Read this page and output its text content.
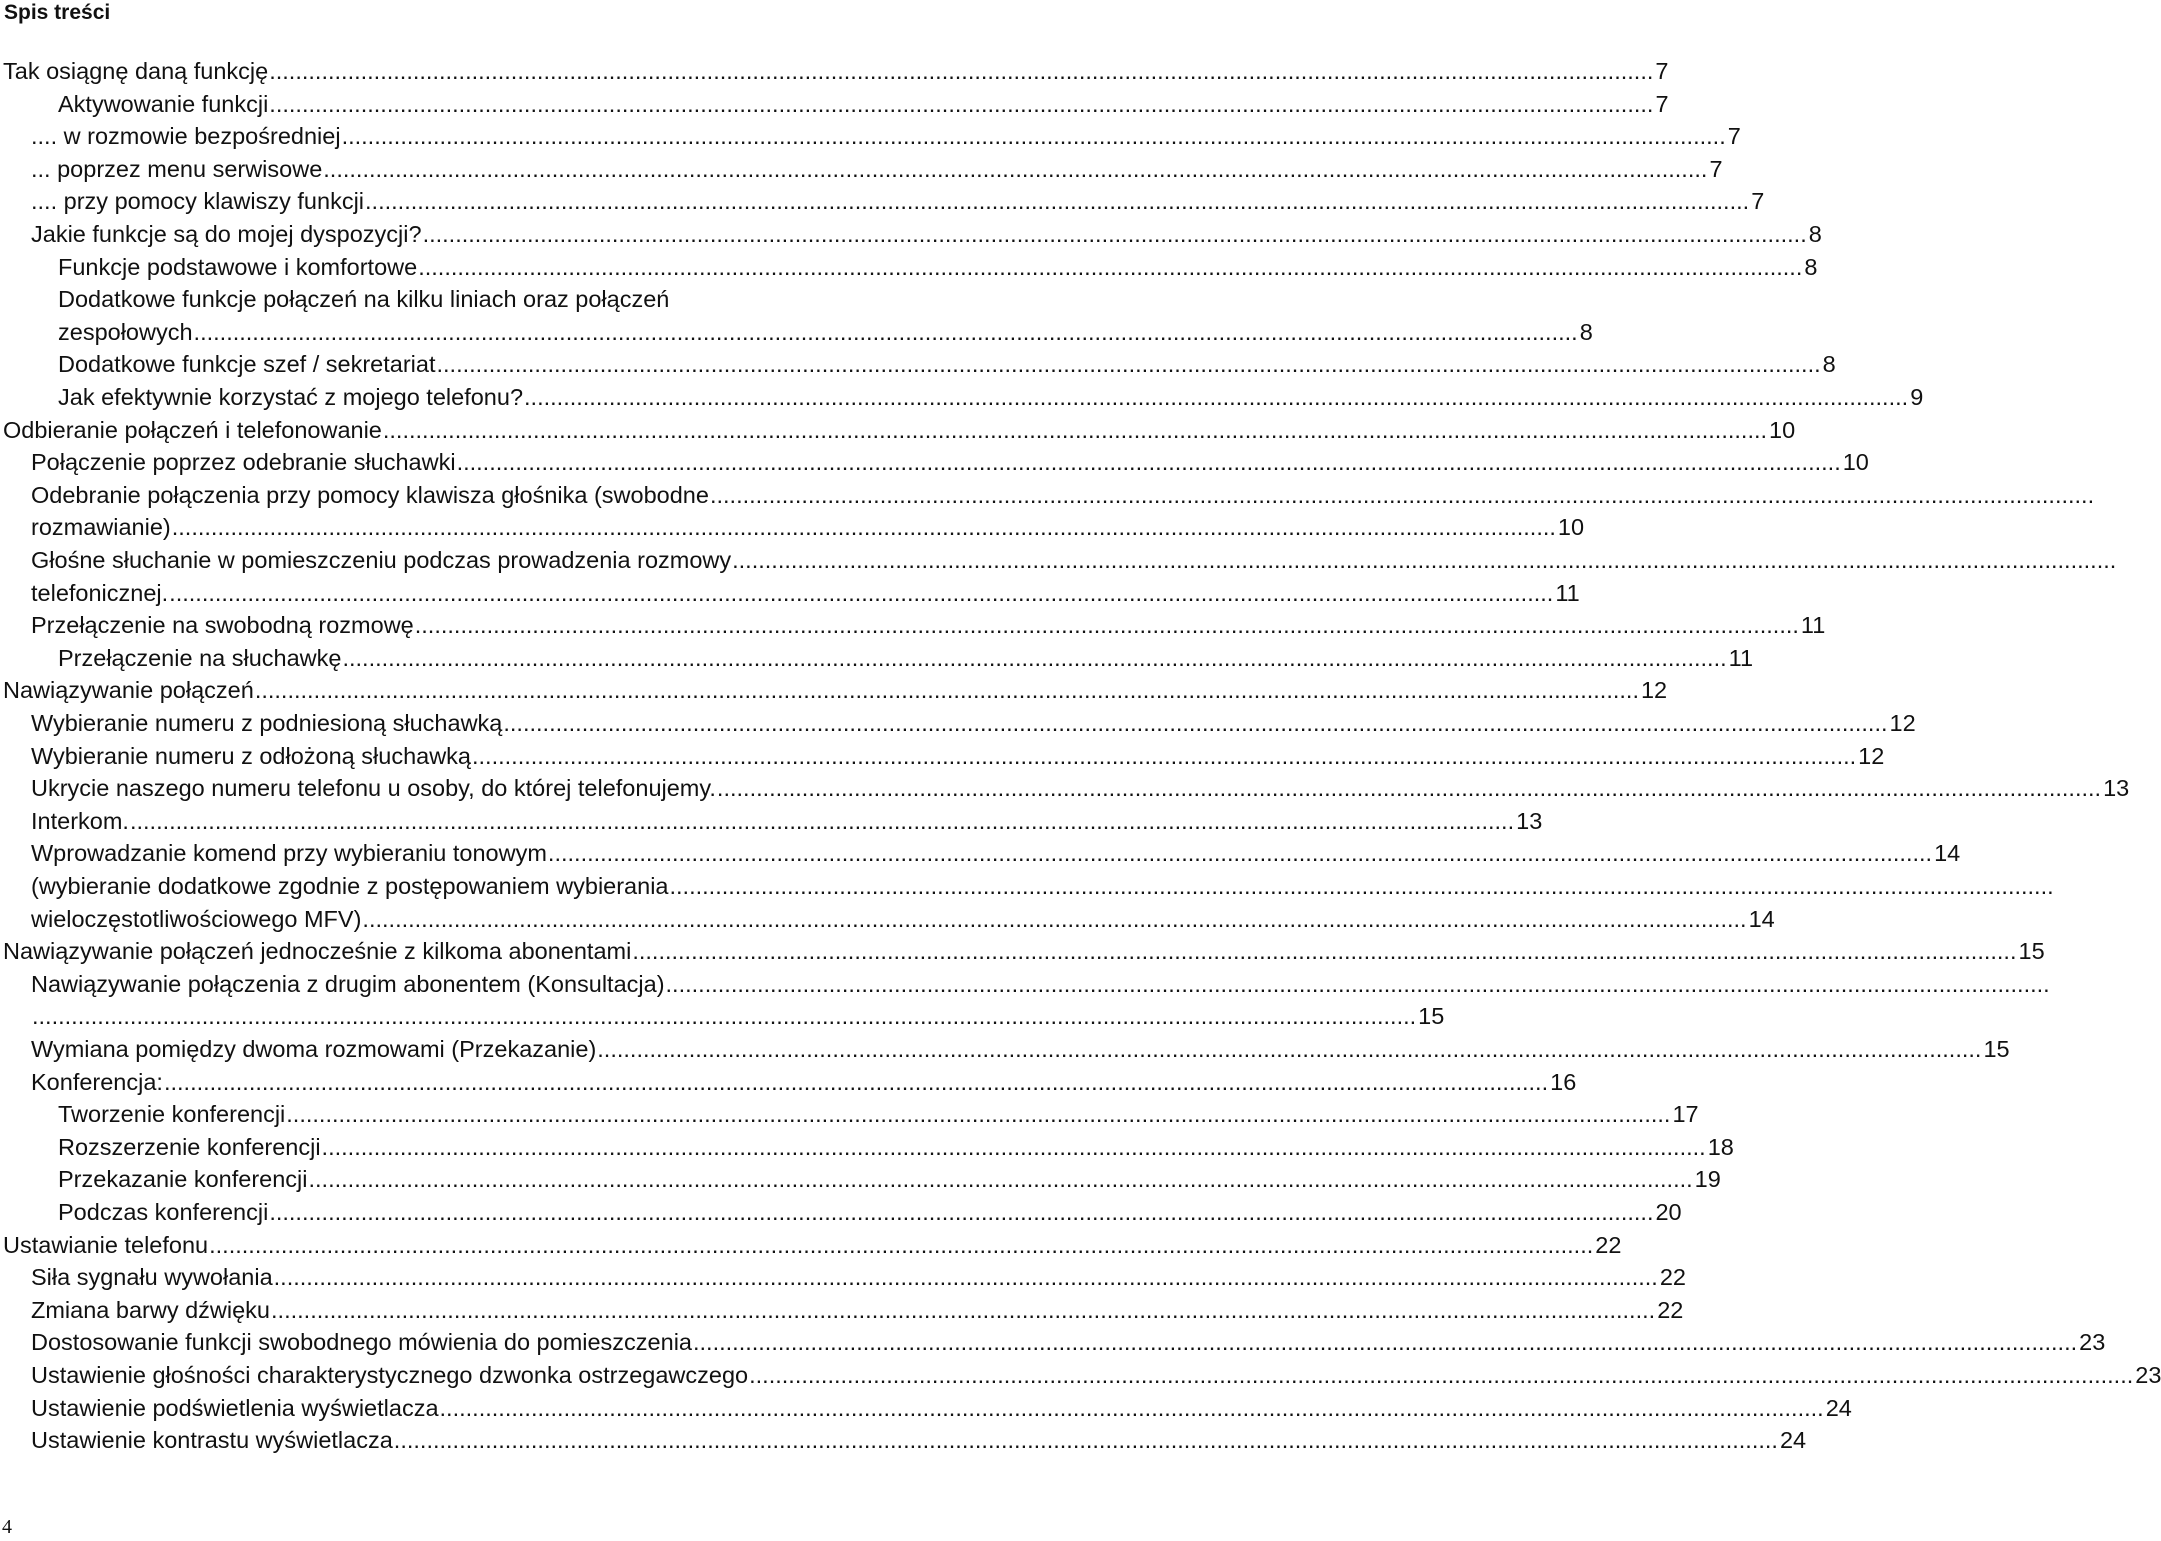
Spis treści
Tak osiągnę daną funkcję .................................................................................................................................................................................................................... 7
Aktywowanie funkcji .................................................................................................................................................................................................................... 7
.... w rozmowie bezpośredniej .................................................................................................................................................................................................................... 7
... poprzez menu serwisowe .................................................................................................................................................................................................................... 7
.... przy pomocy klawiszy funkcji .................................................................................................................................................................................................................... 7
Jakie funkcje są do mojej dyspozycji? .................................................................................................................................................................................................................... 8
Funkcje podstawowe i komfortowe .................................................................................................................................................................................................................... 8
Dodatkowe funkcje połączeń na kilku liniach oraz połączeń
zespołowych .................................................................................................................................................................................................................... 8
Dodatkowe funkcje szef / sekretariat .................................................................................................................................................................................................................... 8
Jak efektywnie korzystać z mojego telefonu? .................................................................................................................................................................................................................... 9
Odbieranie połączeń i telefonowanie .................................................................................................................................................................................................................... 10
Połączenie poprzez odebranie słuchawki .................................................................................................................................................................................................................... 10
Odebranie połączenia przy pomocy klawisza głośnika (swobodne ....................................................................................................................................................................................................................
rozmawianie) .................................................................................................................................................................................................................... 10
Głośne słuchanie w pomieszczeniu podczas prowadzenia rozmowy ....................................................................................................................................................................................................................
telefonicznej. .................................................................................................................................................................................................................... 11
Przełączenie na swobodną rozmowę .................................................................................................................................................................................................................... 11
Przełączenie na słuchawkę .................................................................................................................................................................................................................... 11
Nawiązywanie połączeń .................................................................................................................................................................................................................... 12
Wybieranie numeru z podniesioną słuchawką .................................................................................................................................................................................................................... 12
Wybieranie numeru z odłożoną słuchawką .................................................................................................................................................................................................................... 12
Ukrycie naszego numeru telefonu u osoby, do której telefonujemy. .................................................................................................................................................................................................................... 13
Interkom. .................................................................................................................................................................................................................... 13
Wprowadzanie komend przy wybieraniu tonowym .................................................................................................................................................................................................................... 14
(wybieranie dodatkowe zgodnie z postępowaniem wybierania ....................................................................................................................................................................................................................
wieloczęstotliwościowego MFV) .................................................................................................................................................................................................................... 14
Nawiązywanie połączeń jednocześnie z kilkoma abonentami .................................................................................................................................................................................................................... 15
Nawiązywanie połączenia z drugim abonentem (Konsultacja) ....................................................................................................................................................................................................................
.................................................................................................................................................................................................................... 15
Wymiana pomiędzy dwoma rozmowami (Przekazanie) .................................................................................................................................................................................................................... 15
Konferencja: .................................................................................................................................................................................................................... 16
Tworzenie konferencji .................................................................................................................................................................................................................... 17
Rozszerzenie konferencji .................................................................................................................................................................................................................... 18
Przekazanie konferencji .................................................................................................................................................................................................................... 19
Podczas konferencji .................................................................................................................................................................................................................... 20
Ustawianie telefonu .................................................................................................................................................................................................................... 22
Siła sygnału wywołania .................................................................................................................................................................................................................... 22
Zmiana barwy dźwięku .................................................................................................................................................................................................................... 22
Dostosowanie funkcji swobodnego mówienia do pomieszczenia .................................................................................................................................................................................................................... 23
Ustawienie głośności charakterystycznego dzwonka ostrzegawczego .................................................................................................................................................................................................................... 23
Ustawienie podświetlenia wyświetlacza .................................................................................................................................................................................................................... 24
Ustawienie kontrastu wyświetlacza .................................................................................................................................................................................................................... 24
4
